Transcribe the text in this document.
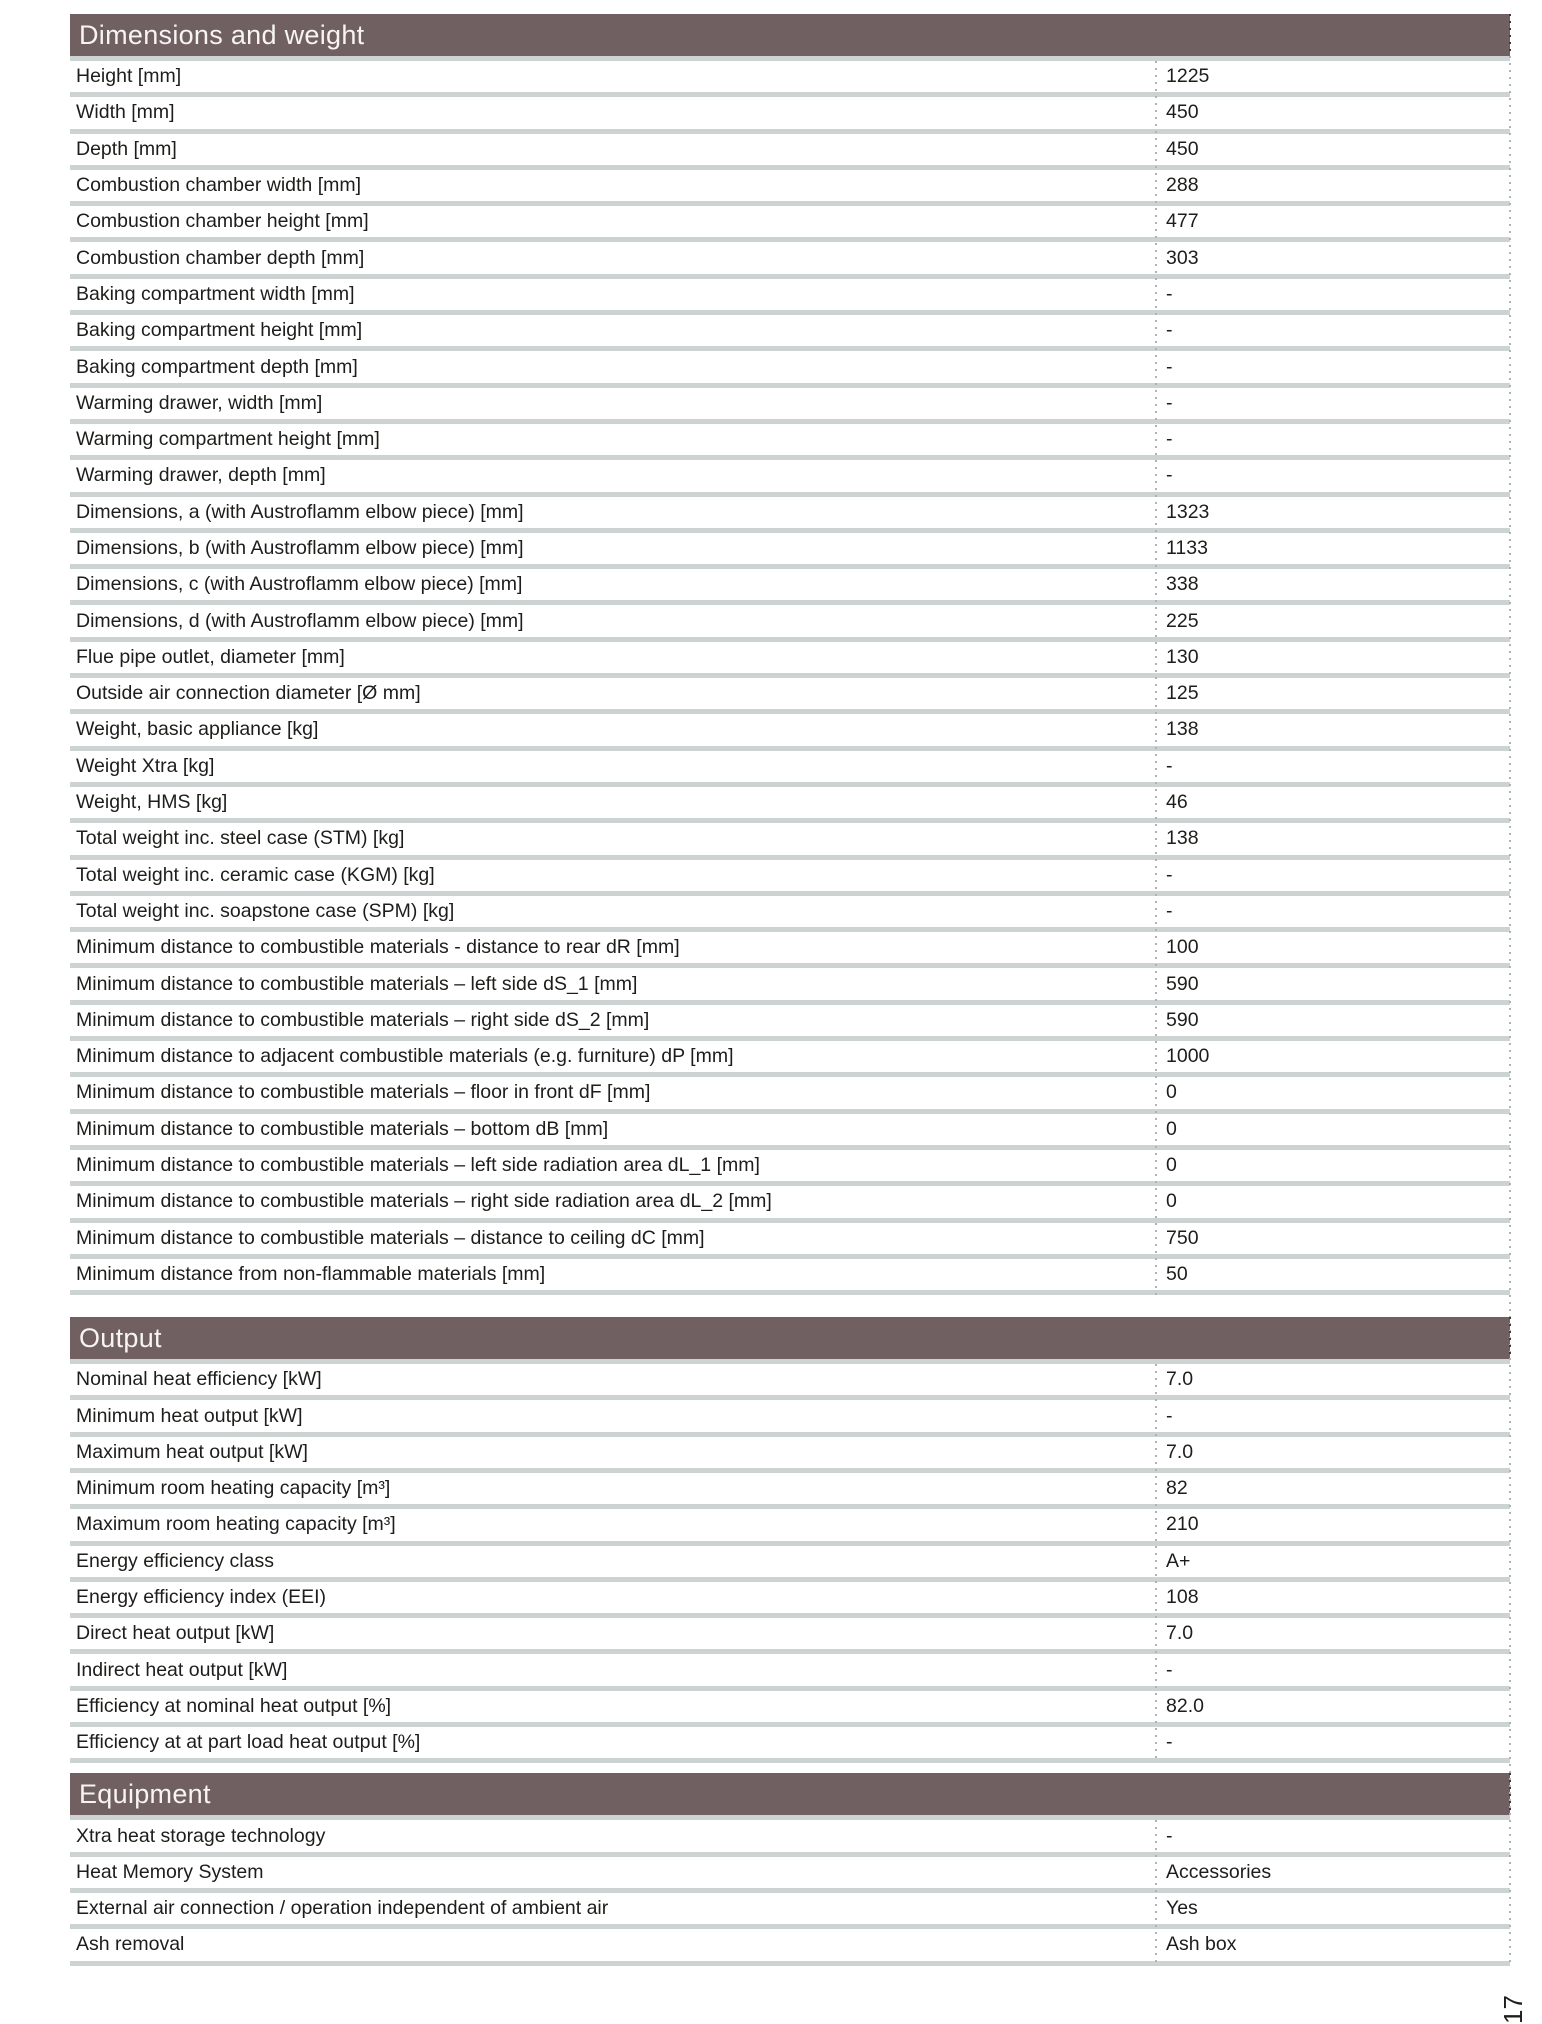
Dimensions and weight
Height [mm]	1225
Width [mm]	450
Depth [mm]	450
Combustion chamber width [mm]	288
Combustion chamber height [mm]	477
Combustion chamber depth [mm]	303
Baking compartment width [mm]	-
Baking compartment height [mm]	-
Baking compartment depth [mm]	-
Warming drawer, width [mm]	-
Warming compartment height [mm]	-
Warming drawer, depth [mm]	-
Dimensions, a (with Austroflamm elbow piece) [mm]	1323
Dimensions, b (with Austroflamm elbow piece) [mm]	1133
Dimensions, c (with Austroflamm elbow piece) [mm]	338
Dimensions, d (with Austroflamm elbow piece) [mm]	225
Flue pipe outlet, diameter [mm]	130
Outside air connection diameter [Ø mm]	125
Weight, basic appliance [kg]	138
Weight Xtra [kg]	-
Weight, HMS [kg]	46
Total weight inc. steel case (STM) [kg]	138
Total weight inc. ceramic case (KGM) [kg]	-
Total weight inc. soapstone case (SPM) [kg]	-
Minimum distance to combustible materials - distance to rear dR [mm]	100
Minimum distance to combustible materials – left side dS_1 [mm]	590
Minimum distance to combustible materials – right side dS_2 [mm]	590
Minimum distance to adjacent combustible materials (e.g. furniture) dP [mm]	1000
Minimum distance to combustible materials – floor in front dF [mm]	0
Minimum distance to combustible materials – bottom dB [mm]	0
Minimum distance to combustible materials – left side radiation area dL_1 [mm]	0
Minimum distance to combustible materials – right side radiation area dL_2 [mm]	0
Minimum distance to combustible materials – distance to ceiling dC [mm]	750
Minimum distance from non-flammable materials [mm]	50
Output
Nominal heat efficiency [kW]	7.0
Minimum heat output [kW]	-
Maximum heat output [kW]	7.0
Minimum room heating capacity [m³]	82
Maximum room heating capacity [m³]	210
Energy efficiency class	A+
Energy efficiency index (EEI)	108
Direct heat output [kW]	7.0
Indirect heat output [kW]	-
Efficiency at nominal heat output [%]	82.0
Efficiency at at part load heat output [%]	-
Equipment
Xtra heat storage technology	-
Heat Memory System	Accessories
External air connection / operation independent of ambient air	Yes
Ash removal	Ash box
17
